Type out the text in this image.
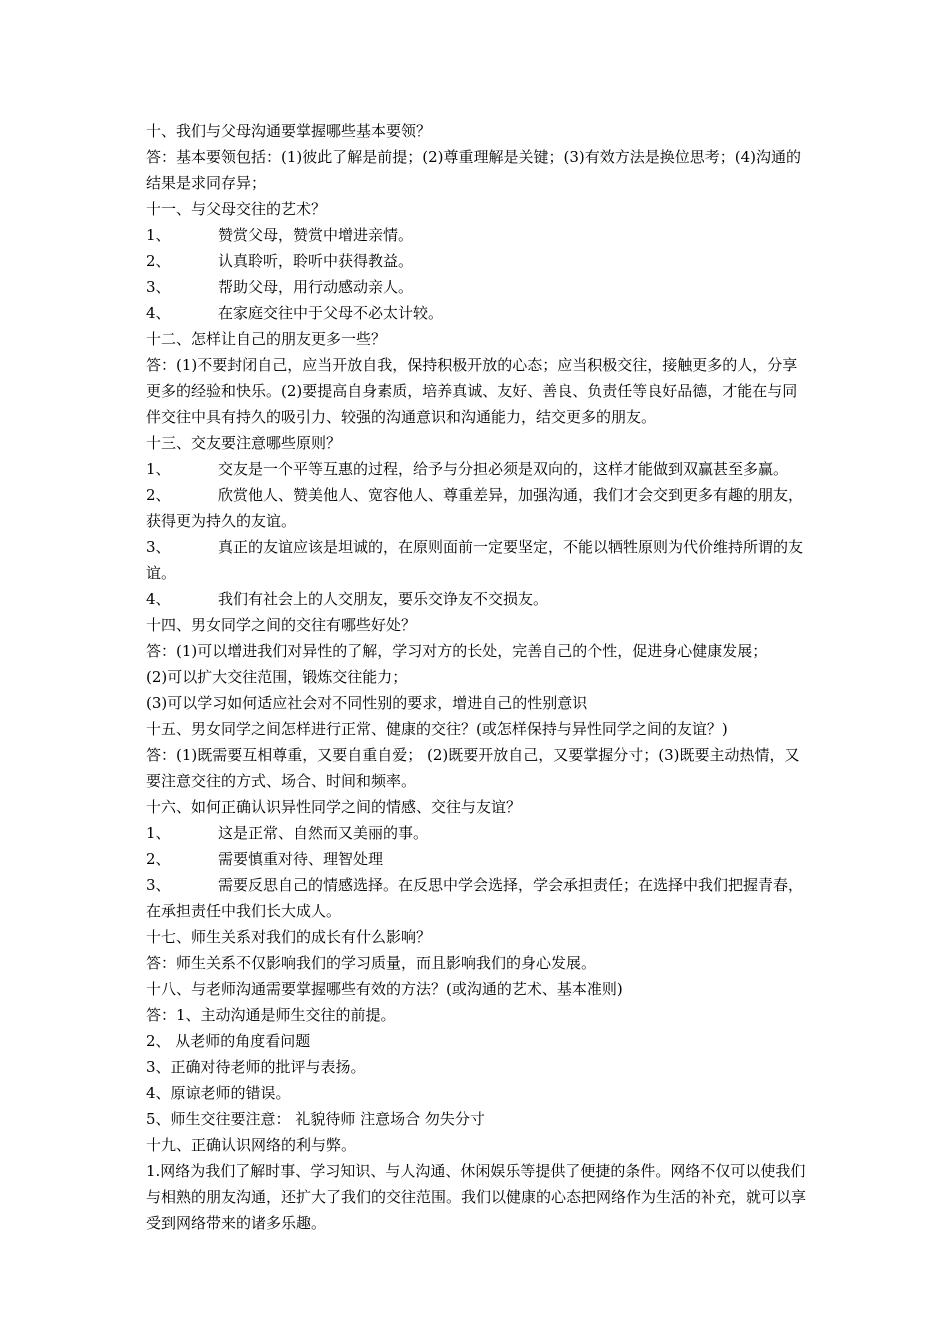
十、我们与父母沟通要掌握哪些基本要领？

答：基本要领包括：(1)彼此了解是前提；(2)尊重理解是关键；(3)有效方法是换位思考；(4)沟通的结果是求同存异；

十一、与父母交往的艺术？

1、	赞赏父母，赞赏中增进亲情。

2、	认真聆听，聆听中获得教益。

3、	帮助父母，用行动感动亲人。

4、	在家庭交往中于父母不必太计较。

十二、怎样让自己的朋友更多一些？

答：(1)不要封闭自己，应当开放自我，保持积极开放的心态；应当积极交往，接触更多的人，分享更多的经验和快乐。(2)要提高自身素质，培养真诚、友好、善良、负责任等良好品德，才能在与同伴交往中具有持久的吸引力、较强的沟通意识和沟通能力，结交更多的朋友。

十三、交友要注意哪些原则？

1、	交友是一个平等互惠的过程，给予与分担必须是双向的，这样才能做到双赢甚至多赢。

2、	欣赏他人、赞美他人、宽容他人、尊重差异，加强沟通，我们才会交到更多有趣的朋友，获得更为持久的友谊。

3、	真正的友谊应该是坦诚的，在原则面前一定要坚定，不能以牺牲原则为代价维持所谓的友谊。

4、	我们有社会上的人交朋友，要乐交诤友不交损友。

十四、男女同学之间的交往有哪些好处？

答：(1)可以增进我们对异性的了解，学习对方的长处，完善自己的个性，促进身心健康发展；

(2)可以扩大交往范围，锻炼交往能力；

(3)可以学习如何适应社会对不同性别的要求，增进自己的性别意识

十五、男女同学之间怎样进行正常、健康的交往？(或怎样保持与异性同学之间的友谊？)

答：(1)既需要互相尊重，又要自重自爱； (2)既要开放自己，又要掌握分寸；(3)既要主动热情，又要注意交往的方式、场合、时间和频率。

十六、如何正确认识异性同学之间的情感、交往与友谊？

1、	这是正常、自然而又美丽的事。

2、	需要慎重对待、理智处理

3、	需要反思自己的情感选择。在反思中学会选择，学会承担责任；在选择中我们把握青春，在承担责任中我们长大成人。

十七、师生关系对我们的成长有什么影响？

答：师生关系不仅影响我们的学习质量，而且影响我们的身心发展。

十八、与老师沟通需要掌握哪些有效的方法？(或沟通的艺术、基本准则)

答：1、主动沟通是师生交往的前提。

2、 从老师的角度看问题

3、正确对待老师的批评与表扬。

4、原谅老师的错误。

5、师生交往要注意： 礼貌待师 注意场合 勿失分寸

十九、正确认识网络的利与弊。

1.网络为我们了解时事、学习知识、与人沟通、休闲娱乐等提供了便捷的条件。网络不仅可以使我们与相熟的朋友沟通，还扩大了我们的交往范围。我们以健康的心态把网络作为生活的补充，就可以享受到网络带来的诸多乐趣。
